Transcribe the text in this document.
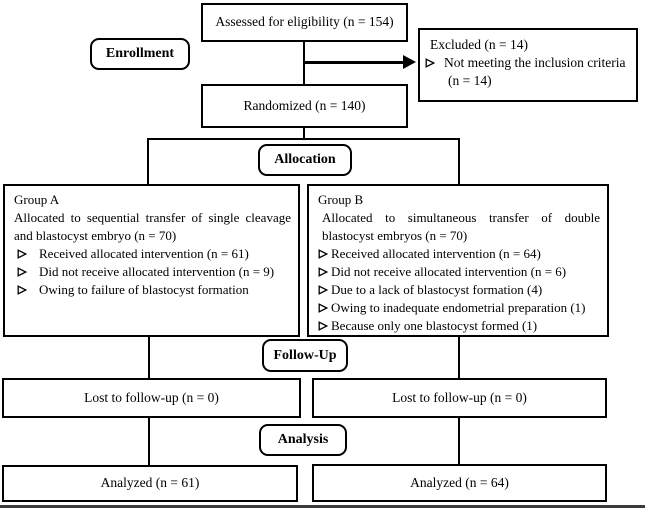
Assessed for eligibility (n = 154)
Enrollment
Excluded (n = 14)
Not meeting the inclusion criteria
(n = 14)
Randomized (n = 140)
Allocation
Group A
Allocated to sequential transfer of single cleavage and blastocyst embryo (n = 70)
Received allocated intervention (n = 61)
Did not receive allocated intervention (n = 9)
Owing to failure of blastocyst formation
Group B
Allocated to simultaneous transfer of double blastocyst embryos (n = 70)
Received allocated intervention (n = 64)
Did not receive allocated intervention (n = 6)
Due to a lack of blastocyst formation (4)
Owing to inadequate endometrial preparation (1)
Because only one blastocyst formed (1)
Follow-Up
Lost to follow-up (n = 0)	Lost to follow-up (n = 0)
Analysis
Analyzed (n = 61)	Analyzed (n = 64)
